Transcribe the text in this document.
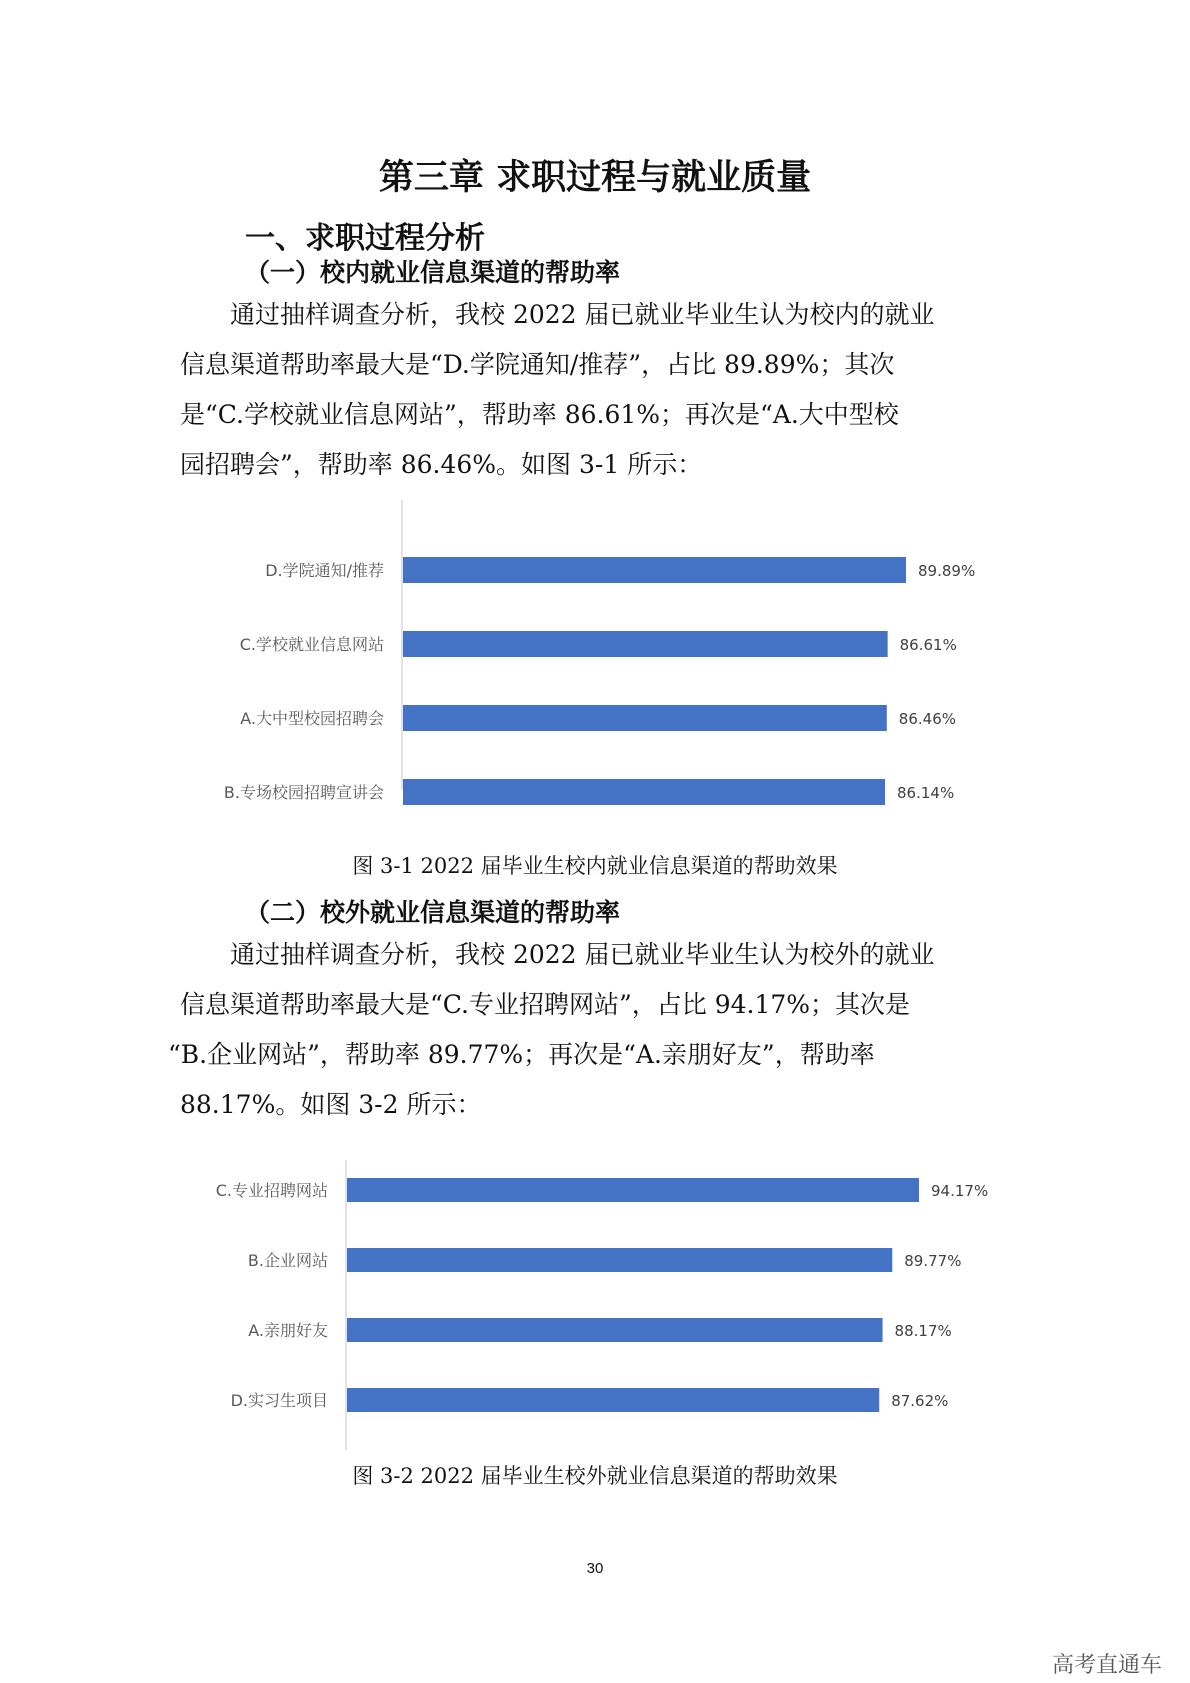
第三章 求职过程与就业质量
一、求职过程分析
（一）校内就业信息渠道的帮助率

通过抽样调查分析，我校 2022 届已就业毕业生认为校内的就业
信息渠道帮助率最大是“D.学院通知/推荐”，占比 89.89%；其次
是“C.学校就业信息网站”，帮助率 86.61%；再次是“A.大中型校
园招聘会”，帮助率 86.46%。如图 3-1 所示：

D.学院通知/推荐	89.89%
C.学校就业信息网站	86.61%
A.大中型校园招聘会	86.46%
B.专场校园招聘宣讲会	86.14%
图 3-1 2022 届毕业生校内就业信息渠道的帮助效果
（二）校外就业信息渠道的帮助率

通过抽样调查分析，我校 2022 届已就业毕业生认为校外的就业
信息渠道帮助率最大是“C.专业招聘网站”，占比 94.17%；其次是
“B.企业网站”，帮助率 89.77%；再次是“A.亲朋好友”，帮助率
88.17%。如图 3-2 所示：

C.专业招聘网站	94.17%
B.企业网站	89.77%
A.亲朋好友	88.17%
D.实习生项目	87.62%
图 3-2 2022 届毕业生校外就业信息渠道的帮助效果
30
高考直通车
